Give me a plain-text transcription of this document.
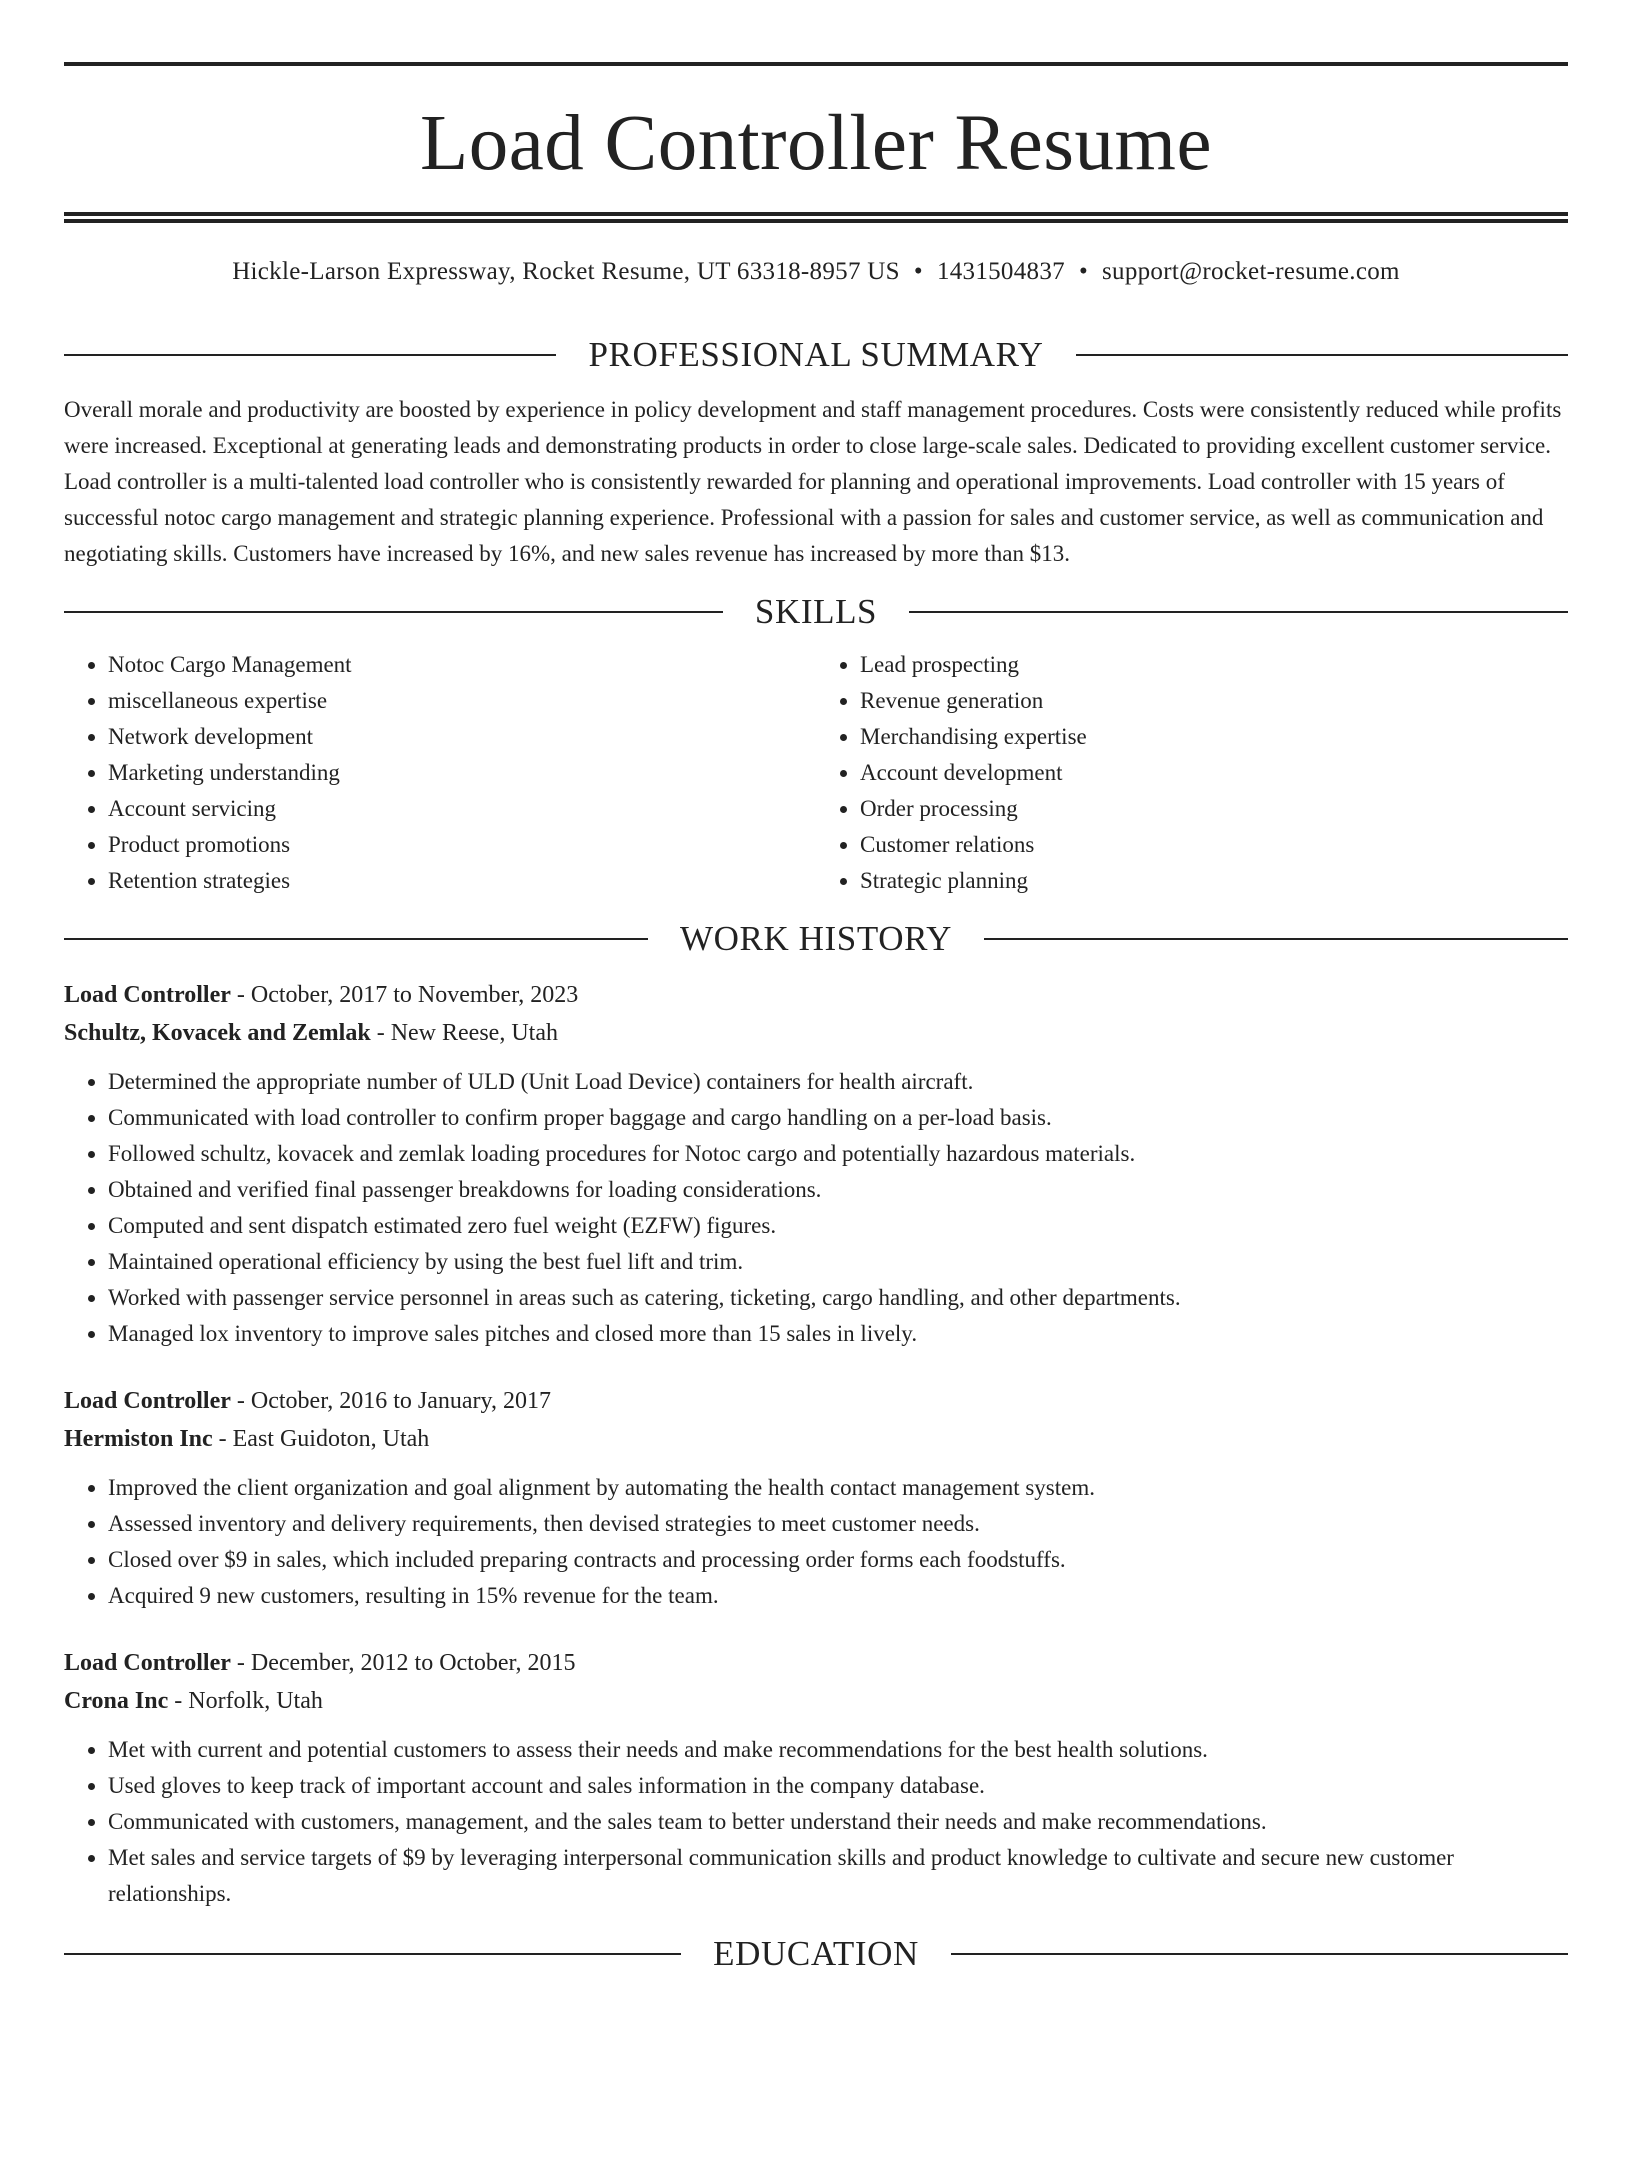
Load Controller Resume
Hickle-Larson Expressway, Rocket Resume, UT 63318-8957 US • 1431504837 • support@rocket-resume.com
PROFESSIONAL SUMMARY

Overall morale and productivity are boosted by experience in policy development and staff management procedures. Costs were consistently reduced while profits were increased. Exceptional at generating leads and demonstrating products in order to close large-scale sales. Dedicated to providing excellent customer service. Load controller is a multi-talented load controller who is consistently rewarded for planning and operational improvements. Load controller with 15 years of successful notoc cargo management and strategic planning experience. Professional with a passion for sales and customer service, as well as communication and negotiating skills. Customers have increased by 16%, and new sales revenue has increased by more than $13.

SKILLS
• Notoc Cargo Management
• miscellaneous expertise
• Network development
• Marketing understanding
• Account servicing
• Product promotions
• Retention strategies
• Lead prospecting
• Revenue generation
• Merchandising expertise
• Account development
• Order processing
• Customer relations
• Strategic planning
WORK HISTORY
Load Controller - October, 2017 to November, 2023
Schultz, Kovacek and Zemlak - New Reese, Utah
• Determined the appropriate number of ULD (Unit Load Device) containers for health aircraft.
• Communicated with load controller to confirm proper baggage and cargo handling on a per-load basis.
• Followed schultz, kovacek and zemlak loading procedures for Notoc cargo and potentially hazardous materials.
• Obtained and verified final passenger breakdowns for loading considerations.
• Computed and sent dispatch estimated zero fuel weight (EZFW) figures.
• Maintained operational efficiency by using the best fuel lift and trim.
• Worked with passenger service personnel in areas such as catering, ticketing, cargo handling, and other departments.
• Managed lox inventory to improve sales pitches and closed more than 15 sales in lively.
Load Controller - October, 2016 to January, 2017
Hermiston Inc - East Guidoton, Utah
• Improved the client organization and goal alignment by automating the health contact management system.
• Assessed inventory and delivery requirements, then devised strategies to meet customer needs.
• Closed over $9 in sales, which included preparing contracts and processing order forms each foodstuffs.
• Acquired 9 new customers, resulting in 15% revenue for the team.
Load Controller - December, 2012 to October, 2015
Crona Inc - Norfolk, Utah
• Met with current and potential customers to assess their needs and make recommendations for the best health solutions.
• Used gloves to keep track of important account and sales information in the company database.
• Communicated with customers, management, and the sales team to better understand their needs and make recommendations.
• Met sales and service targets of $9 by leveraging interpersonal communication skills and product knowledge to cultivate and secure new customer relationships.
EDUCATION
